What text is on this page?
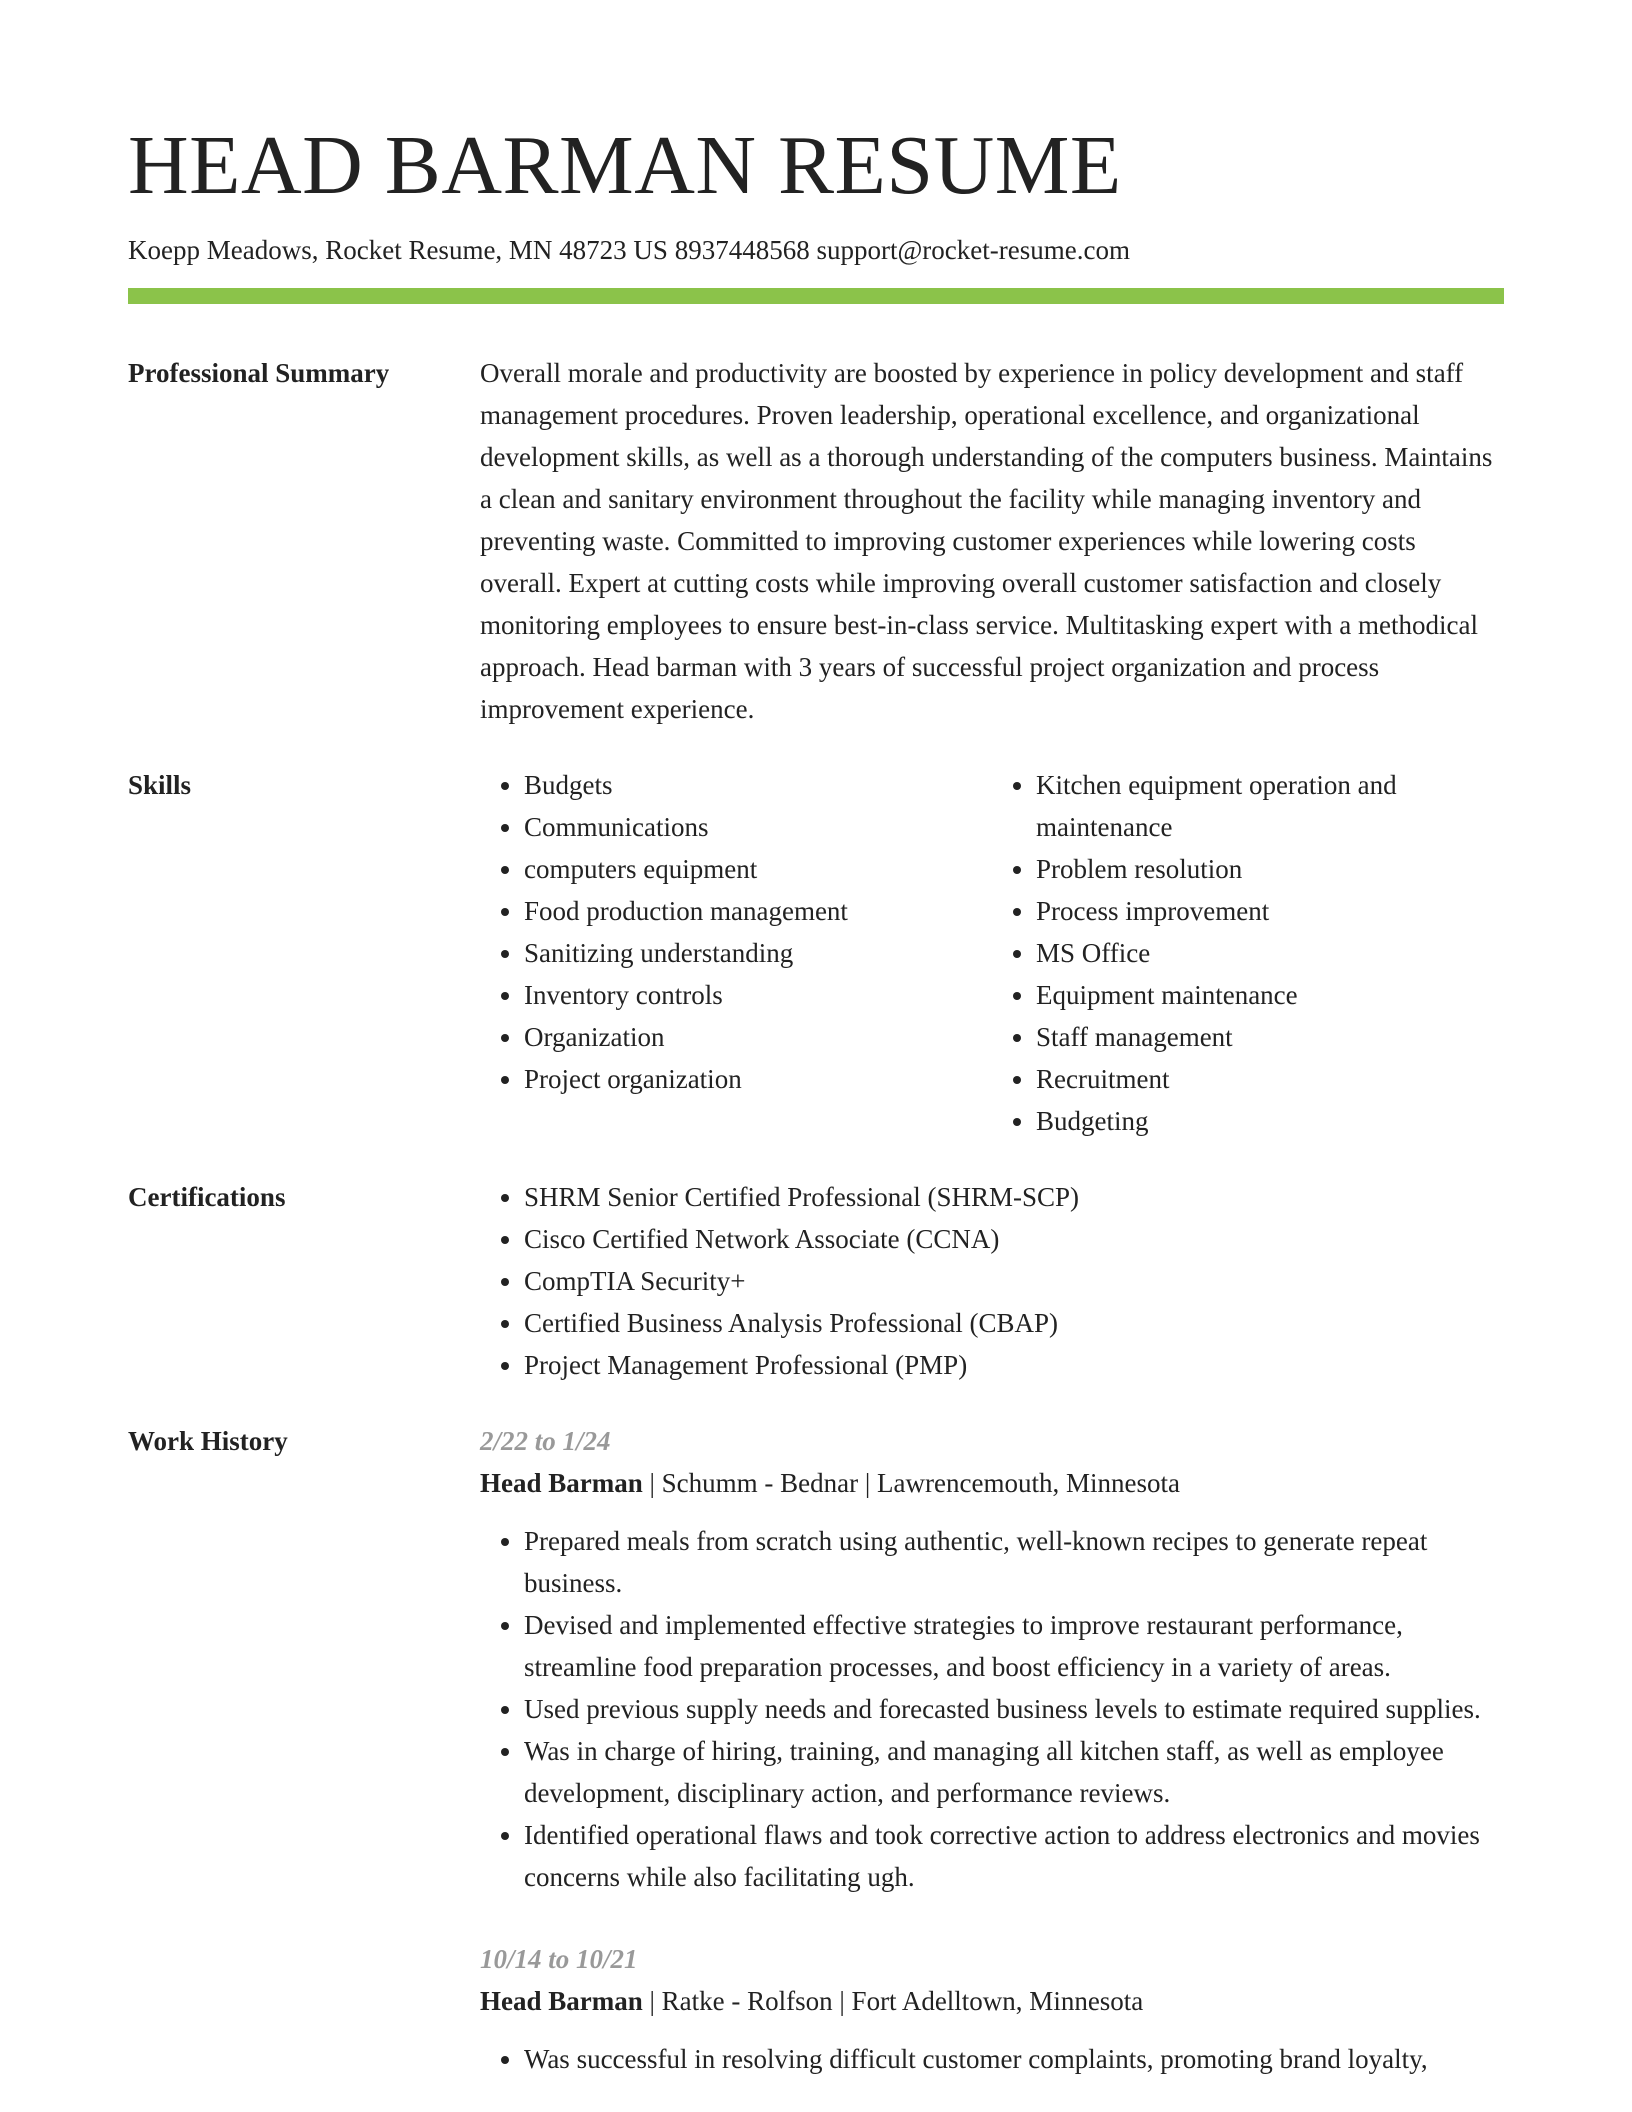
HEAD BARMAN RESUME
Koepp Meadows, Rocket Resume, MN 48723 US 8937448568 support@rocket-resume.com
Professional Summary	Overall morale and productivity are boosted by experience in policy development and staff management procedures. Proven leadership, operational excellence, and organizational development skills, as well as a thorough understanding of the computers business. Maintains a clean and sanitary environment throughout the facility while managing inventory and preventing waste. Committed to improving customer experiences while lowering costs overall. Expert at cutting costs while improving overall customer satisfaction and closely monitoring employees to ensure best-in-class service. Multitasking expert with a methodical approach. Head barman with 3 years of successful project organization and process improvement experience.
Skills	• Budgets
• Communications
• computers equipment
• Food production management
• Sanitizing understanding
• Inventory controls
• Organization
• Project organization
• Kitchen equipment operation and maintenance
• Problem resolution
• Process improvement
• MS Office
• Equipment maintenance
• Staff management
• Recruitment
• Budgeting
Certifications	• SHRM Senior Certified Professional (SHRM-SCP)
• Cisco Certified Network Associate (CCNA)
• CompTIA Security+
• Certified Business Analysis Professional (CBAP)
• Project Management Professional (PMP)
Work History	2/22 to 1/24
Head Barman | Schumm - Bednar | Lawrencemouth, Minnesota
• Prepared meals from scratch using authentic, well-known recipes to generate repeat business.
• Devised and implemented effective strategies to improve restaurant performance, streamline food preparation processes, and boost efficiency in a variety of areas.
• Used previous supply needs and forecasted business levels to estimate required supplies.
• Was in charge of hiring, training, and managing all kitchen staff, as well as employee development, disciplinary action, and performance reviews.
• Identified operational flaws and took corrective action to address electronics and movies concerns while also facilitating ugh.
10/14 to 10/21
Head Barman | Ratke - Rolfson | Fort Adelltown, Minnesota
• Was successful in resolving difficult customer complaints, promoting brand loyalty,
